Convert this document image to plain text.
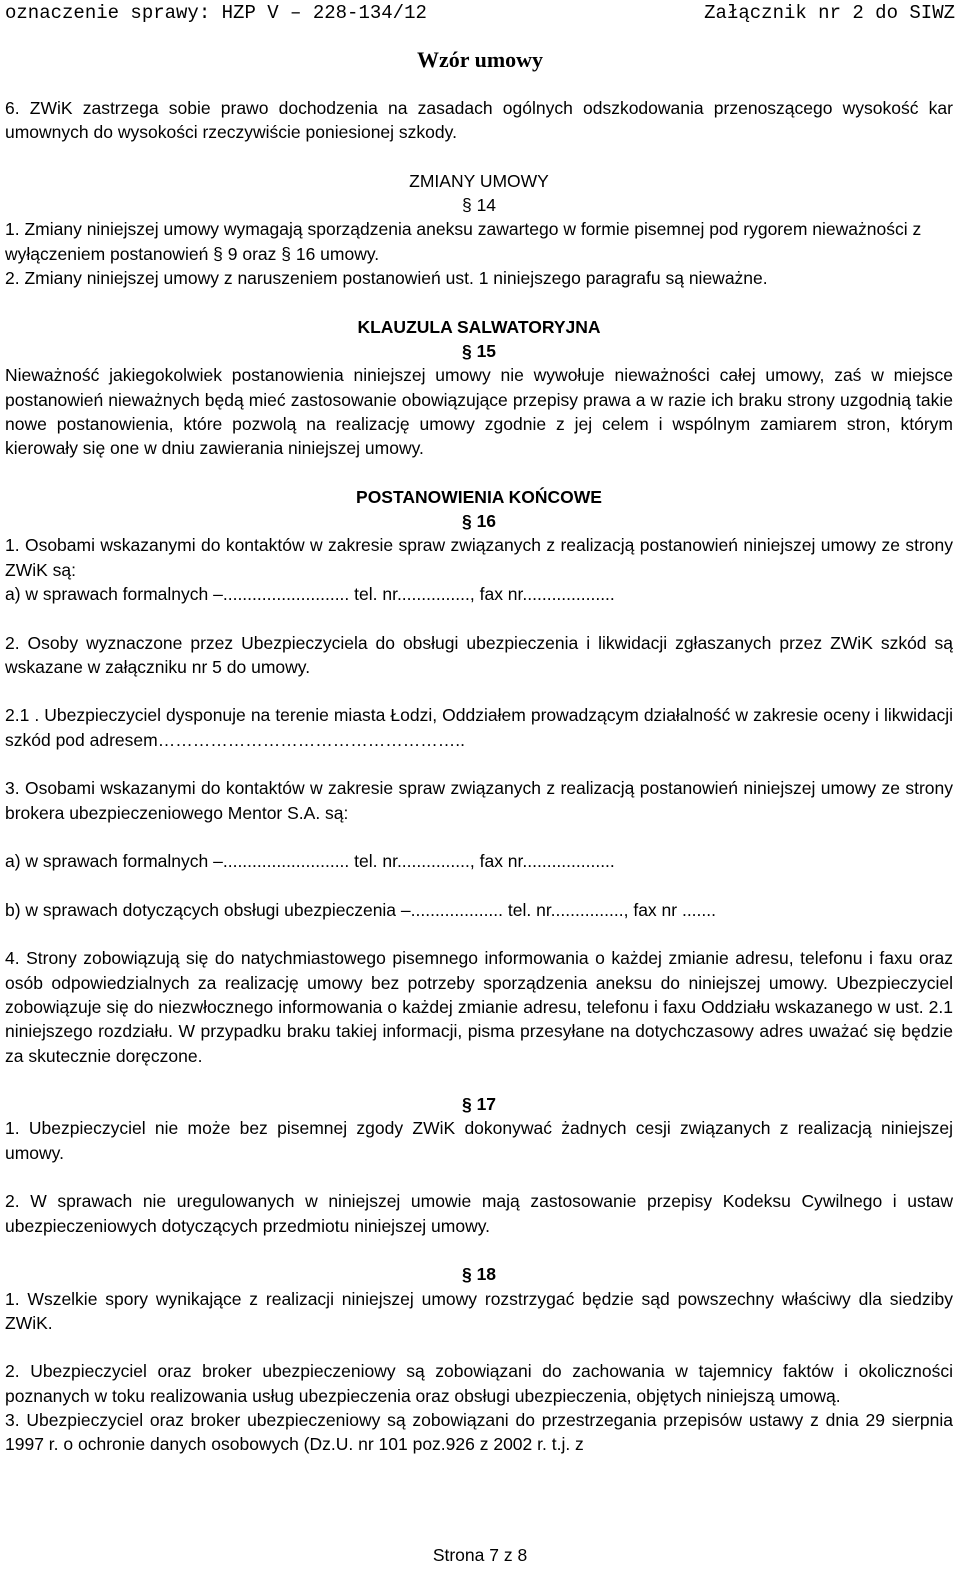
oznaczenie sprawy: HZP V – 228-134/12	Załącznik nr 2 do SIWZ
Wzór umowy

6. ZWiK zastrzega sobie prawo dochodzenia na zasadach ogólnych odszkodowania przenoszącego wysokość kar umownych do wysokości rzeczywiście poniesionej szkody.

ZMIANY UMOWY

§ 14

1. Zmiany niniejszej umowy wymagają sporządzenia aneksu zawartego w formie pisemnej pod rygorem nieważności z wyłączeniem postanowień § 9 oraz § 16 umowy.

2. Zmiany niniejszej umowy z naruszeniem postanowień ust. 1 niniejszego paragrafu są nieważne.

KLAUZULA SALWATORYJNA

§ 15

Nieważność jakiegokolwiek postanowienia niniejszej umowy nie wywołuje nieważności całej umowy, zaś w miejsce postanowień nieważnych będą mieć zastosowanie obowiązujące przepisy prawa a w razie ich braku strony uzgodnią takie nowe postanowienia, które pozwolą na realizację umowy zgodnie z jej celem i wspólnym zamiarem stron, którym kierowały się one w dniu zawierania niniejszej umowy.

POSTANOWIENIA KOŃCOWE

§ 16

1. Osobami wskazanymi do kontaktów w zakresie spraw związanych z realizacją postanowień niniejszej umowy ze strony ZWiK są:

a) w sprawach formalnych –.......................... tel. nr..............., fax nr...................

2. Osoby wyznaczone przez Ubezpieczyciela do obsługi ubezpieczenia i likwidacji zgłaszanych przez ZWiK szkód są wskazane w załączniku nr 5 do umowy.

2.1 . Ubezpieczyciel dysponuje na terenie miasta Łodzi, Oddziałem prowadzącym działalność w zakresie oceny i likwidacji szkód pod adresem……………………………………………..

3. Osobami wskazanymi do kontaktów w zakresie spraw związanych z realizacją postanowień niniejszej umowy ze strony brokera ubezpieczeniowego Mentor S.A. są:

a) w sprawach formalnych –.......................... tel. nr..............., fax nr...................

b) w sprawach dotyczących obsługi ubezpieczenia –................... tel. nr..............., fax nr .......

4. Strony zobowiązują się do natychmiastowego pisemnego informowania o każdej zmianie adresu, telefonu i faxu oraz osób odpowiedzialnych za realizację umowy bez potrzeby sporządzenia aneksu do niniejszej umowy. Ubezpieczyciel zobowiązuje się do niezwłocznego informowania o każdej zmianie adresu, telefonu i faxu Oddziału wskazanego w ust. 2.1 niniejszego rozdziału. W przypadku braku takiej informacji, pisma przesyłane na dotychczasowy adres uważać się będzie za skutecznie doręczone.

§ 17

1. Ubezpieczyciel nie może bez pisemnej zgody ZWiK dokonywać żadnych cesji związanych z realizacją niniejszej umowy.

2. W sprawach nie uregulowanych w niniejszej umowie mają zastosowanie przepisy Kodeksu Cywilnego i ustaw ubezpieczeniowych dotyczących przedmiotu niniejszej umowy.

§ 18

1. Wszelkie spory wynikające z realizacji niniejszej umowy rozstrzygać będzie sąd powszechny właściwy dla siedziby ZWiK.

2. Ubezpieczyciel oraz broker ubezpieczeniowy są zobowiązani do zachowania w tajemnicy faktów i okoliczności poznanych w toku realizowania usług ubezpieczenia oraz obsługi ubezpieczenia, objętych niniejszą umową.

3. Ubezpieczyciel oraz broker ubezpieczeniowy są zobowiązani do przestrzegania przepisów ustawy z dnia 29 sierpnia 1997 r. o ochronie danych osobowych (Dz.U. nr 101 poz.926 z 2002 r. t.j. z

Strona 7 z 8
